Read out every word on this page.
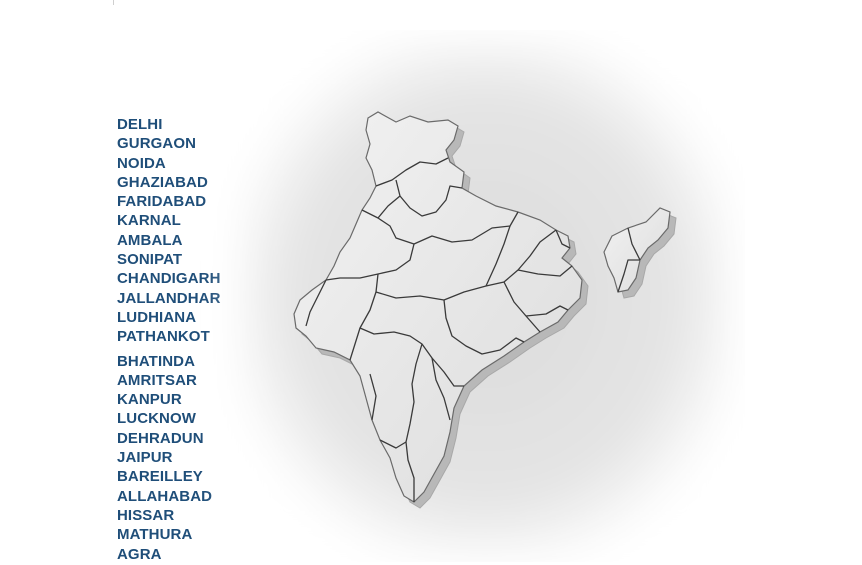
DELHI
GURGAON
NOIDA
GHAZIABAD
FARIDABAD
KARNAL
AMBALA
SONIPAT
CHANDIGARH
JALLANDHAR
LUDHIANA
PATHANKOT
BHATINDA
AMRITSAR
KANPUR
LUCKNOW
DEHRADUN
JAIPUR
BAREILLEY
ALLAHABAD
HISSAR
MATHURA
AGRA
